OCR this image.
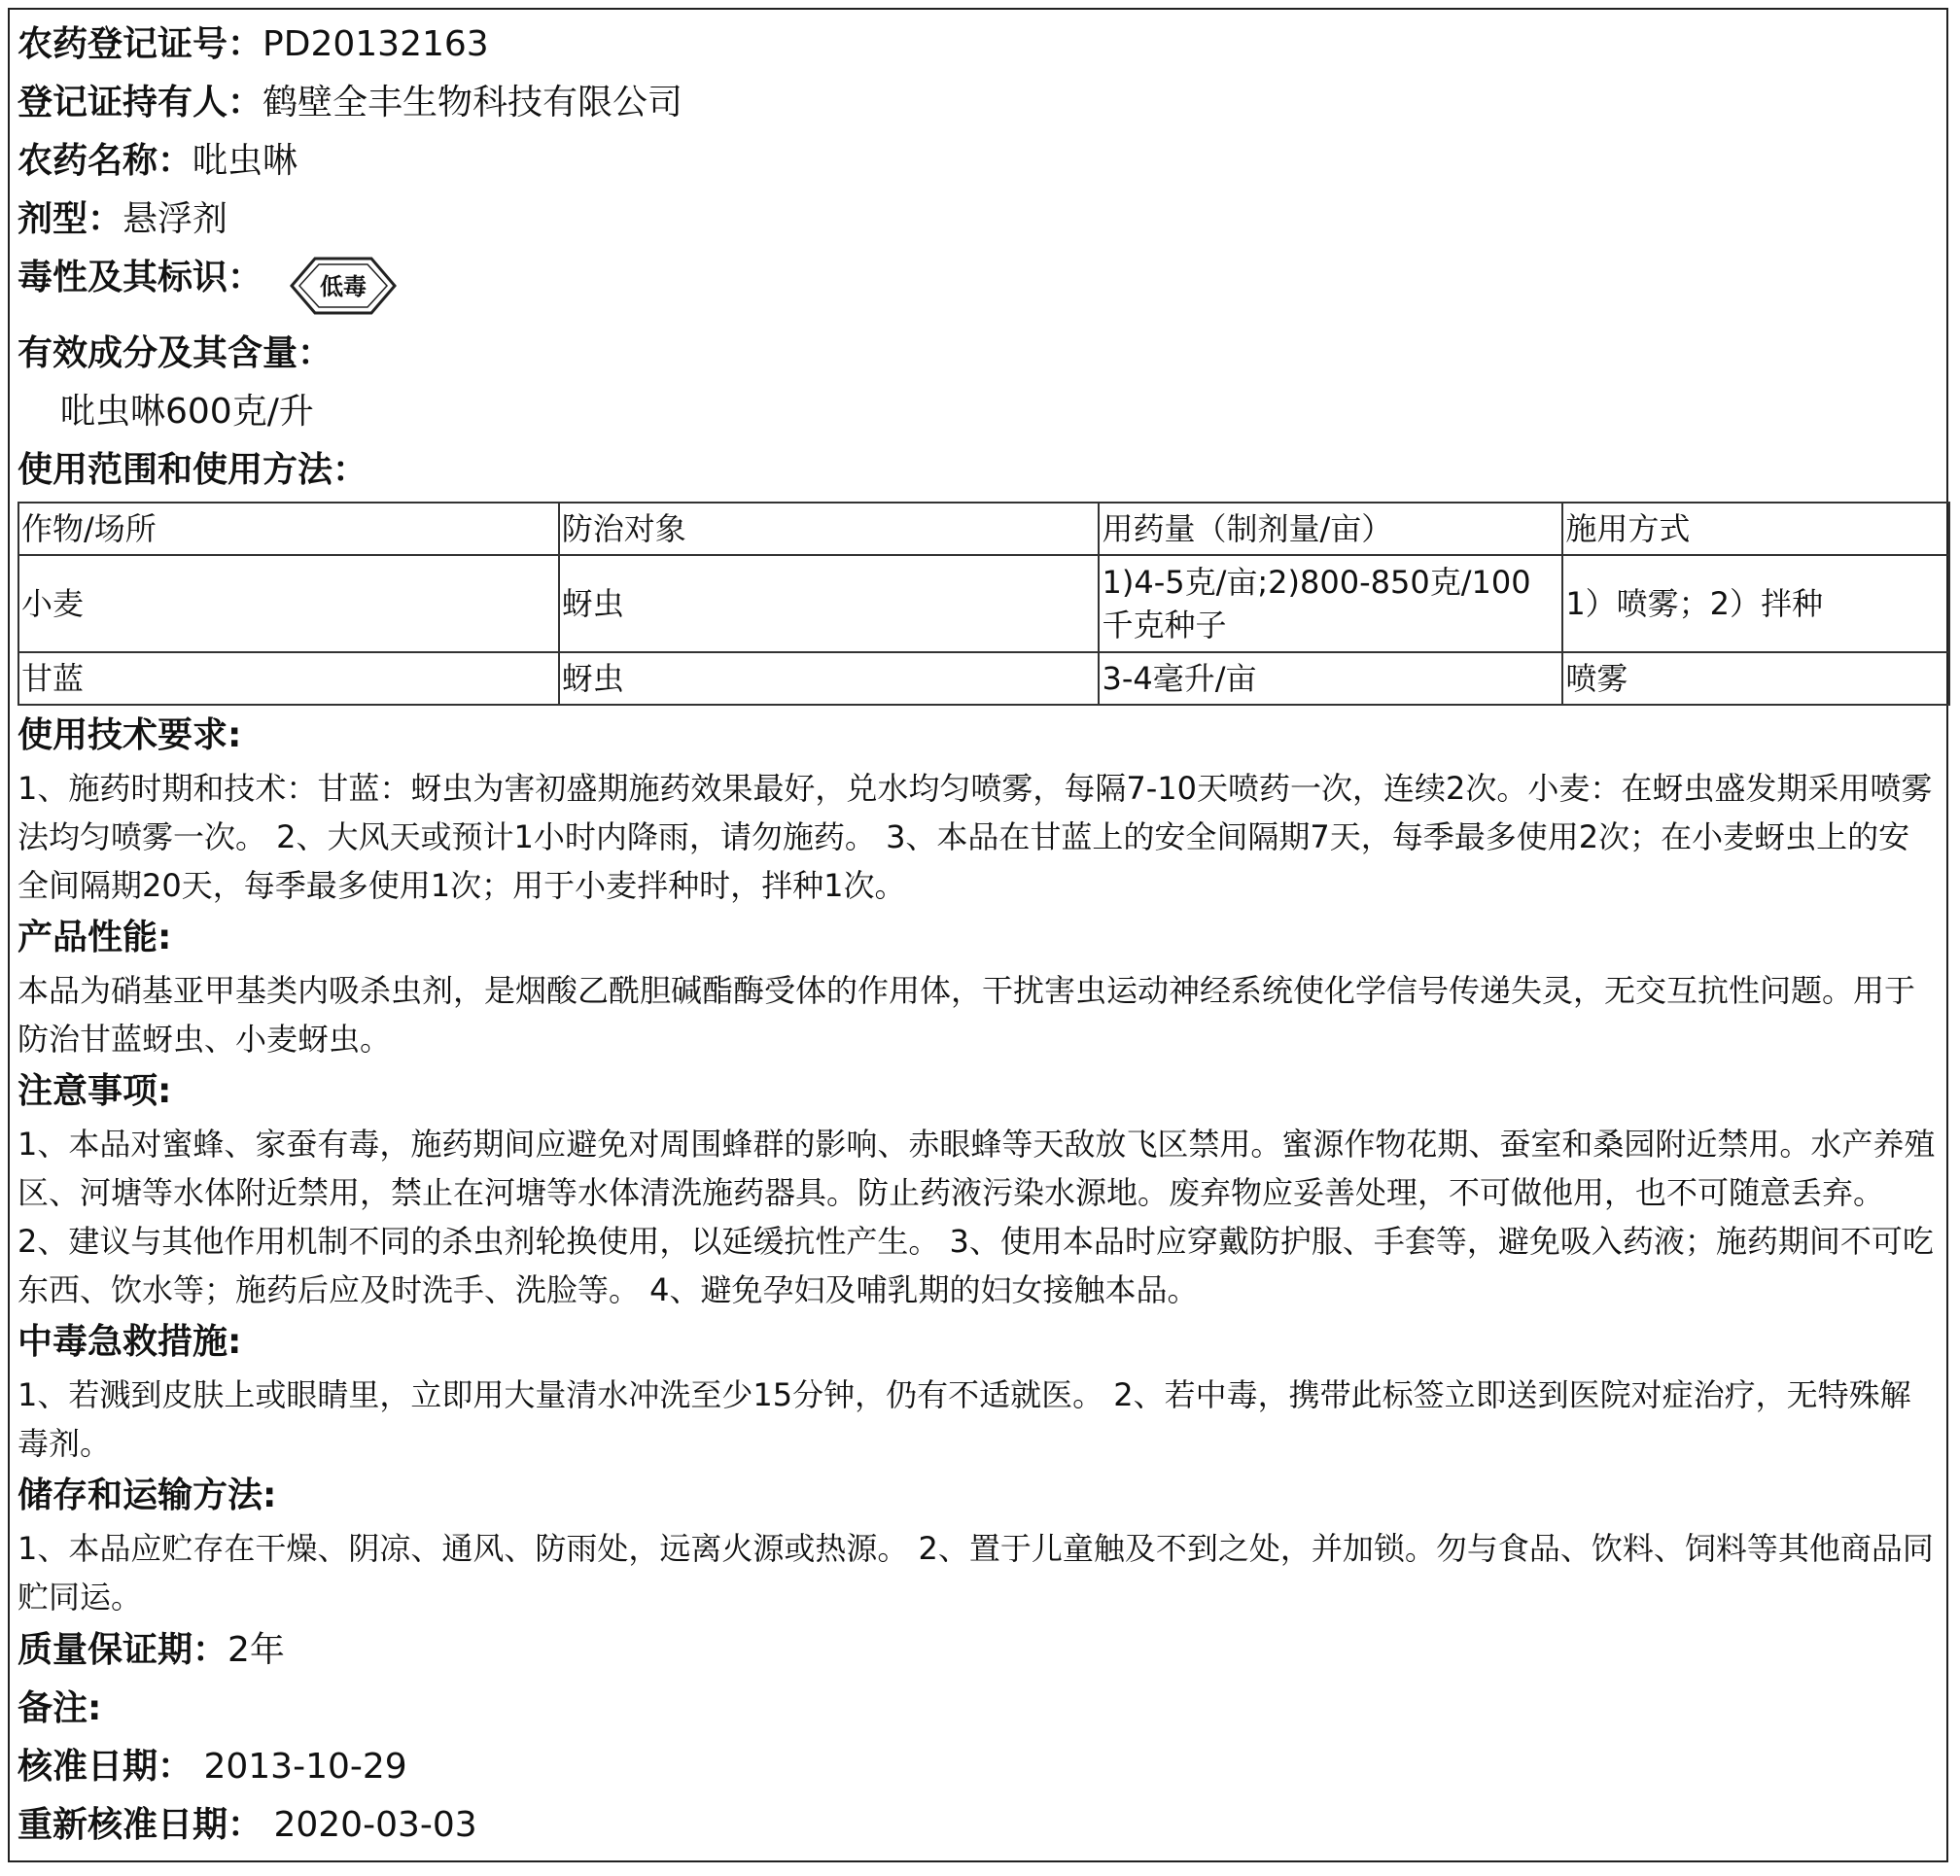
农药登记证号：PD20132163
登记证持有人：鹤壁全丰生物科技有限公司
农药名称：吡虫啉
剂型：悬浮剂
毒性及其标识： 低毒
有效成分及其含量：
吡虫啉600克/升
使用范围和使用方法：
作物/场所	防治对象	用药量（制剂量/亩）	施用方式
小麦	蚜虫	1)4-5克/亩;2)800-850克/100千克种子	1）喷雾；2）拌种
甘蓝	蚜虫	3-4毫升/亩	喷雾
使用技术要求:
1、施药时期和技术：甘蓝：蚜虫为害初盛期施药效果最好，兑水均匀喷雾，每隔7-10天喷药一次，连续2次。小麦：在蚜虫盛发期采用喷雾法均匀喷雾一次。 2、大风天或预计1小时内降雨，请勿施药。 3、本品在甘蓝上的安全间隔期7天，每季最多使用2次；在小麦蚜虫上的安全间隔期20天，每季最多使用1次；用于小麦拌种时，拌种1次。
产品性能:
本品为硝基亚甲基类内吸杀虫剂，是烟酸乙酰胆碱酯酶受体的作用体，干扰害虫运动神经系统使化学信号传递失灵，无交互抗性问题。用于防治甘蓝蚜虫、小麦蚜虫。
注意事项:
1、本品对蜜蜂、家蚕有毒，施药期间应避免对周围蜂群的影响、赤眼蜂等天敌放飞区禁用。蜜源作物花期、蚕室和桑园附近禁用。水产养殖区、河塘等水体附近禁用，禁止在河塘等水体清洗施药器具。防止药液污染水源地。废弃物应妥善处理，不可做他用，也不可随意丢弃。 2、建议与其他作用机制不同的杀虫剂轮换使用，以延缓抗性产生。 3、使用本品时应穿戴防护服、手套等，避免吸入药液；施药期间不可吃东西、饮水等；施药后应及时洗手、洗脸等。 4、避免孕妇及哺乳期的妇女接触本品。
中毒急救措施:
1、若溅到皮肤上或眼睛里，立即用大量清水冲洗至少15分钟，仍有不适就医。 2、若中毒，携带此标签立即送到医院对症治疗，无特殊解毒剂。
储存和运输方法:
1、本品应贮存在干燥、阴凉、通风、防雨处，远离火源或热源。 2、置于儿童触及不到之处，并加锁。勿与食品、饮料、饲料等其他商品同贮同运。
质量保证期：2年
备注:
核准日期： 2013-10-29
重新核准日期： 2020-03-03
